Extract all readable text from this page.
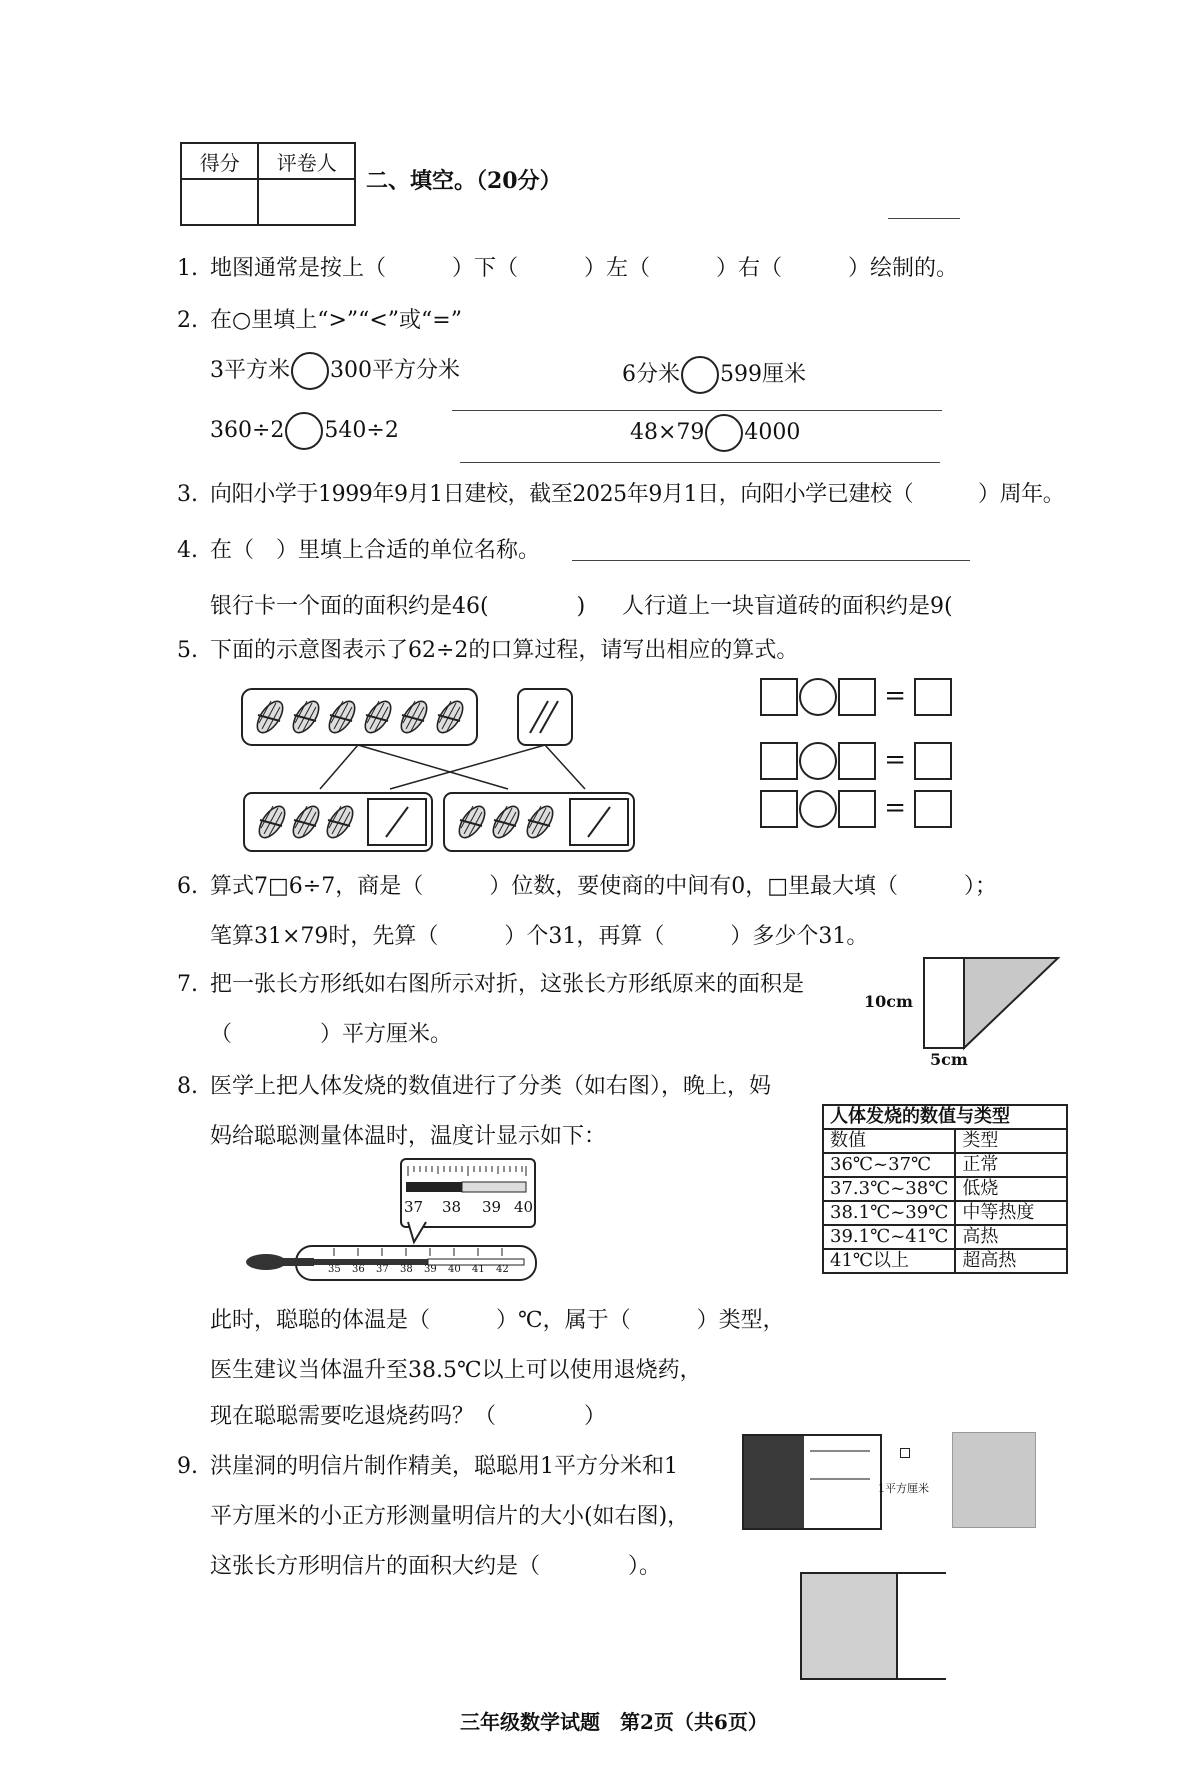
得分	评卷人

二、填空。（20分）
1. 地图通常是按上（　　　）下（　　　）左（　　　）右（　　　）绘制的。
2. 在○里填上“>”“<”或“=”
3平方米 300平方分米	6分米 599厘米
360÷2 540÷2	48×79 4000
3. 向阳小学于1999年9月1日建校，截至2025年9月1日，向阳小学已建校（　　　）周年。
4. 在（　）里填上合适的单位名称。
银行卡一个面的面积约是46(　　　　) 人行道上一块盲道砖的面积约是9(
5. 下面的示意图表示了62÷2的口算过程，请写出相应的算式。
=
=
=
6. 算式7□6÷7，商是（　　　）位数，要使商的中间有0，□里最大填（　　　）；
笔算31×79时，先算（　　　）个31，再算（　　　）多少个31。
7. 把一张长方形纸如右图所示对折，这张长方形纸原来的面积是
（　　　　）平方厘米。
10cm
5cm
8. 医学上把人体发烧的数值进行了分类（如右图），晚上，妈
妈给聪聪测量体温时，温度计显示如下：
37 38 39 40
35 36 37 38 39 40 41 42
人体发烧的数值与类型	
数值	类型
36℃~37℃	正常
37.3℃~38℃	低烧
38.1℃~39℃	中等热度
39.1℃~41℃	高热
41℃以上	超高热
此时，聪聪的体温是（　　　）℃，属于（　　　）类型，
医生建议当体温升至38.5℃以上可以使用退烧药，
现在聪聪需要吃退烧药吗？（　　　　）
9. 洪崖洞的明信片制作精美，聪聪用1平方分米和1
平方厘米的小正方形测量明信片的大小(如右图)，
这张长方形明信片的面积大约是（　　　　）。
1平方厘米
三年级数学试题　第2页（共6页）
